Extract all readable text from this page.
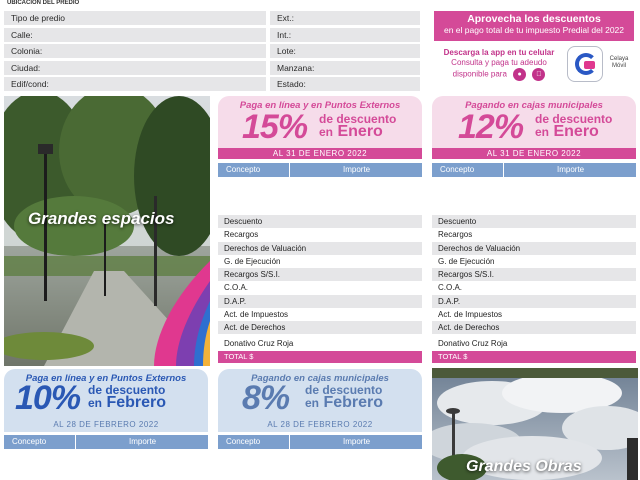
UBICACION DEL PREDIO
Tipo de predio
Calle:
Colonia:
Ciudad:
Edif/cond:
Ext.:
Int.:
Lote:
Manzana:
Estado:
Aprovecha los descuentos
en el pago total de tu impuesto Predial del 2022
Descarga la app en tu celular
Consulta y paga tu adeudo
disponible para ●
Celaya
Móvil
Grandes espacios
Paga en línea y en Puntos Externos
15% de descuento
en Enero
AL 31 DE ENERO 2022
Pagando en cajas municipales
12% de descuento
en Enero
AL 31 DE ENERO 2022
Concepto	Importe	Concepto	Importe
Descuento
Recargos
Derechos de Valuación
G. de Ejecución
Recargos S/S.I.
C.O.A.
D.A.P.
Act. de Impuestos
Act. de Derechos
Donativo Cruz Roja
TOTAL $
Descuento
Recargos
Derechos de Valuación
G. de Ejecución
Recargos S/S.I.
C.O.A.
D.A.P.
Act. de Impuestos
Act. de Derechos
Donativo Cruz Roja
TOTAL $
Paga en línea y en Puntos Externos
10% de descuento
en Febrero
AL 28 DE FEBRERO 2022
Pagando en cajas municipales
8% de descuento
en Febrero
AL 28 DE FEBRERO 2022
Concepto	Importe	Concepto	Importe
Grandes Obras
